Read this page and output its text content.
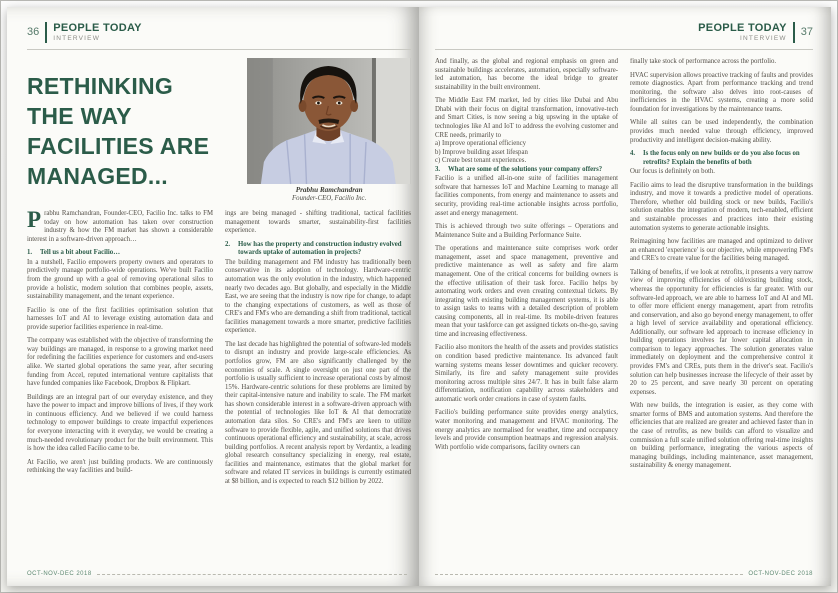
36 PEOPLE TODAY
INTERVIEW
RETHINKING
THE WAY
FACILITIES ARE
MANAGED...

Prabhu Ramchandran, Founder-CEO, Facilio Inc. talks to FM today on how automation has taken over construction industry & how the FM market has shown a considerable interest in a software-driven approach…

1.	Tell us a bit about Facilio…

In a nutshell, Facilio empowers property owners and operators to predictively manage portfolio-wide operations. We've built Facilio from the ground up with a goal of removing operational silos to provide a holistic, modern solution that combines people, assets, sustainability management, and the tenant experience.

Facilio is one of the first facilities optimisation solution that harnesses IoT and AI to leverage existing automation data and provide superior facilities experience in real-time.

The company was established with the objective of transforming the way buildings are managed, in response to a growing market need for redefining the facilities experience for customers and end-users alike. We started global operations the same year, after securing funding from Accel, reputed international venture capitalists that have funded companies like Facebook, Dropbox & Flipkart.

Buildings are an integral part of our everyday existence, and they have the power to impact and improve billions of lives, if they work in continuous efficiency. And we believed if we could harness technology to empower buildings to create impactful experiences for everyone interacting with it everyday, we would be creating a much-needed revolutionary product for the built environment. This is how the idea called Facilio came to be.

At Facilio, we aren't just building products. We are continuously rethinking the way facilities and build-

Prabhu Ramchandran
Founder-CEO, Facilio Inc.

ings are being managed - shifting traditional, tactical facilities management towards smarter, sustainability-first facilities experience.

2.	How has the property and construction industry evolved towards uptake of automation in projects?

The building management and FM industry has traditionally been conservative in its adoption of technology. Hardware-centric automation was the only evolution in the industry, which happened nearly two decades ago. But globally, and especially in the Middle East, we are seeing that the industry is now ripe for change, to adapt to the changing expectations of customers, as well as those of CRE's and FM's who are demanding a shift from traditional, tactical facilities management towards a more smarter, predictive facilities experience.

The last decade has highlighted the potential of software-led models to disrupt an industry and provide large-scale efficiencies. As portfolios grow, FM are also significantly challenged by the economies of scale. A single oversight on just one part of the portfolio is usually sufficient to increase operational costs by almost 15%. Hardware-centric solutions for these problems are limited by their capital-intensive nature and inability to scale. The FM market has shown considerable interest in a software-driven approach with the potential of technologies like IoT & AI that democratize automation data silos. So CRE's and FM's are keen to utilize software to provide flexible, agile, and unified solutions that drives continuous operational efficiency and sustainability, at scale, across building portfolios. A recent analysis report by Verdantix, a leading global research consultancy specializing in energy, real estate, facilities and maintenance, estimates that the global market for software and related IT services in buildings is currently estimated at $8 billion, and is expected to reach $12 billion by 2022.

OCT-NOV-DEC 2018
PEOPLE TODAY
INTERVIEW
37

And finally, as the global and regional emphasis on green and sustainable buildings accelerates, automation, especially software-led automation, has become the ideal bridge to greater sustainability in the built environment.

The Middle East FM market, led by cities like Dubai and Abu Dhabi with their focus on digital transformation, innovative-tech and Smart Cities, is now seeing a big upswing in the uptake of technologies like AI and IoT to address the evolving customer and CRE needs, primarily to

a) Improve operational efficiency

b) Improve building asset lifespan

c) Create best tenant experiences.

3.	What are some of the solutions your company offers?

Facilio is a unified all-in-one suite of facilities management software that harnesses IoT and Machine Learning to manage all facilities components, from energy and maintenance to assets and security, providing real-time actionable insights across portfolio, asset and energy management.

This is achieved through two suite offerings – Operations and Maintenance Suite and a Building Performance Suite.

The operations and maintenance suite comprises work order management, asset and space management, preventive and predictive maintenance as well as safety and fire alarm management. One of the critical concerns for building owners is the effective utilisation of their task force. Facilio helps by automating work orders and even creating contextual tickets. By integrating with existing building management systems, it is able to assign tasks to teams with a detailed description of problem causing components, all in real-time. Its mobile-driven features mean that your taskforce can get assigned tickets on-the-go, saving time and increasing effectiveness.

Facilio also monitors the health of the assets and provides statistics on condition based predictive maintenance. Its advanced fault warning systems means lesser downtimes and quicker recovery. Similarly, its fire and safety management suite provides monitoring across multiple sites 24/7. It has in built false alarm differentiation, notification capability across stakeholders and automatic work order creations in case of system faults.

Facilio's building performance suite provides energy analytics, water monitoring and management and HVAC monitoring. The energy analytics are normalised for weather, time and occupancy levels and provide consumption heatmaps and regression analysis. With portfolio wide comparisons, facility owners can

finally take stock of performance across the portfolio.

HVAC supervision allows proactive tracking of faults and provides remote diagnostics. Apart from performance tracking and trend monitoring, the software also delves into root-causes of inefficiencies in the HVAC systems, creating a more solid foundation for investigations by the maintenance teams.

While all suites can be used independently, the combination provides much needed value through efficiency, improved productivity and intelligent decision-making ability.

4.	Is the focus only on new builds or do you also focus on retrofits? Explain the benefits of both

Our focus is definitely on both.

Facilio aims to lead the disruptive transformation in the buildings industry, and move it towards a predictive model of operations. Therefore, whether old building stock or new builds, Facilio's solution enables the integration of modern, tech-enabled, efficient and sustainable processes and practices into their existing automation systems to generate actionable insights.

Reimagining how facilities are managed and optimized to deliver an enhanced 'experience' is our objective, while empowering FM's and CRE's to create value for the facilities being managed.

Talking of benefits, if we look at retrofits, it presents a very narrow view of improving efficiencies of old/existing building stock, whereas the opportunity for efficiencies is far greater. With our software-led approach, we are able to harness IoT and AI and ML to offer more efficient energy management, apart from retrofits and conservation, and also go beyond energy management, to offer a high level of service availability and operational efficiency. Additionally, our software led approach to increase efficiency in building operations involves far lower capital allocation in comparison to legacy approaches. The solution generates value immediately on deployment and the comprehensive control it provides FM's and CREs, puts them in the driver's seat. Facilio's solution can help businesses increase the lifecycle of their asset by 20 to 25 percent, and save nearly 30 percent on operating expenses.

With new builds, the integration is easier, as they come with smarter forms of BMS and automation systems. And therefore the efficiencies that are realized are greater and achieved faster than in the case of retrofits, as new builds can afford to visualize and commission a full scale unified solution offering real-time insights on building performance, integrating the various aspects of managing buildings, including maintenance, asset management, sustainability & energy management.

OCT-NOV-DEC 2018
